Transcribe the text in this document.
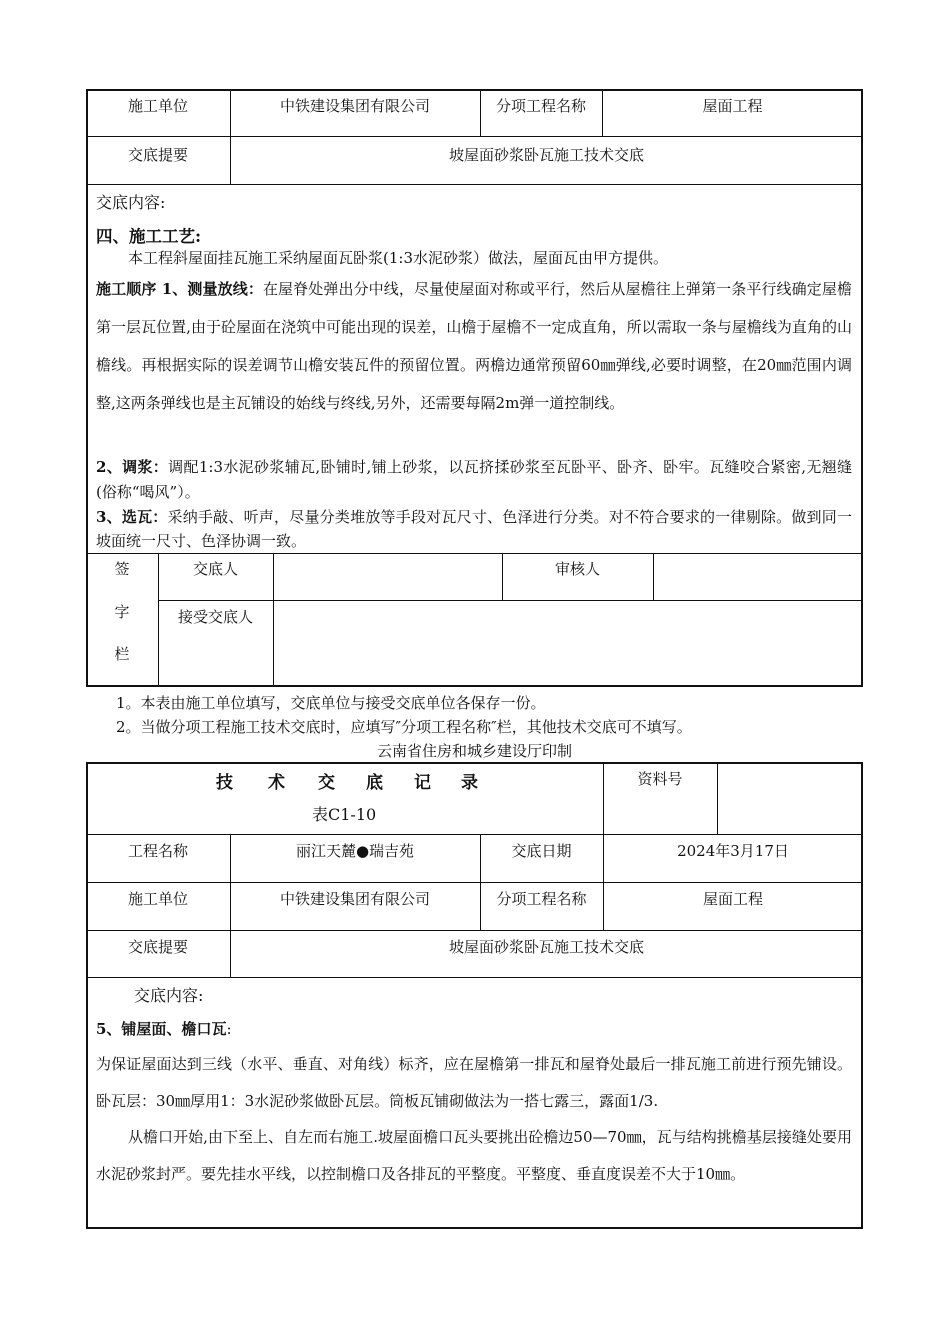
施工单位	中铁建设集团有限公司	分项工程名称	屋面工程
交底提要	坡屋面砂浆卧瓦施工技术交底
交底内容:
四、施工工艺:
本工程斜屋面挂瓦施工采纳屋面瓦卧浆(1:3水泥砂浆）做法，屋面瓦由甲方提供。
施工顺序 1、测量放线：在屋脊处弹出分中线，尽量使屋面对称或平行，然后从屋檐往上弹第一条平行线确定屋檐第一层瓦位置,由于砼屋面在浇筑中可能出现的误差，山檐于屋檐不一定成直角，所以需取一条与屋檐线为直角的山檐线。再根据实际的误差调节山檐安装瓦件的预留位置。两檐边通常预留60㎜弹线,必要时调整，在20㎜范围内调整,这两条弹线也是主瓦铺设的始线与终线,另外，还需要每隔2m弹一道控制线。
2、调浆：调配1:3水泥砂浆辅瓦,卧铺时,铺上砂浆，以瓦挤揉砂浆至瓦卧平、卧齐、卧牢。瓦缝咬合紧密,无翘缝(俗称“喝风”）。
3、选瓦：采纳手敲、听声，尽量分类堆放等手段对瓦尺寸、色泽进行分类。对不符合要求的一律剔除。做到同一坡面统一尺寸、色泽协调一致。
签
字
栏
交底人	审核人
接受交底人
1。本表由施工单位填写，交底单位与接受交底单位各保存一份。
2。当做分项工程施工技术交底时，应填写″分项工程名称″栏，其他技术交底可不填写。
云南省住房和城乡建设厅印制
技 术 交 底 记 录
表C1-10
资料号
工程名称	丽江天麓●瑞吉苑	交底日期	2024年3月17日
施工单位	中铁建设集团有限公司	分项工程名称	屋面工程
交底提要	坡屋面砂浆卧瓦施工技术交底
交底内容:
5、铺屋面、檐口瓦:
为保证屋面达到三线（水平、垂直、对角线）标齐，应在屋檐第一排瓦和屋脊处最后一排瓦施工前进行预先铺设。卧瓦层：30㎜厚用1：3水泥砂浆做卧瓦层。筒板瓦铺砌做法为一搭七露三，露面1/3.
从檐口开始,由下至上、自左而右施工.坡屋面檐口瓦头要挑出砼檐边50—70㎜，瓦与结构挑檐基层接缝处要用水泥砂浆封严。要先挂水平线，以控制檐口及各排瓦的平整度。平整度、垂直度误差不大于10㎜。
